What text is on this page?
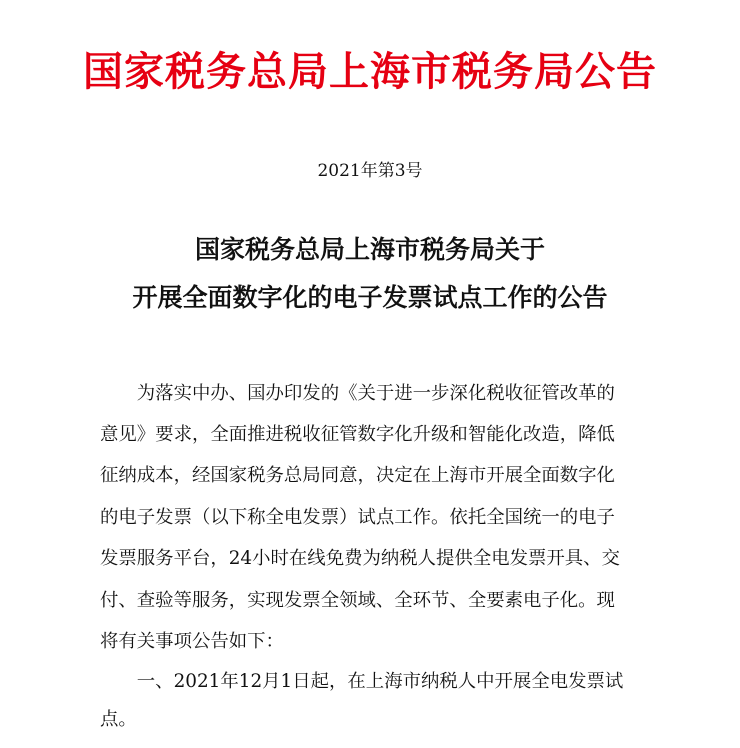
国家税务总局上海市税务局公告
2021年第3号
国家税务总局上海市税务局关于
开展全面数字化的电子发票试点工作的公告
　　为落实中办、国办印发的《关于进一步深化税收征管改革的
意见》要求，全面推进税收征管数字化升级和智能化改造，降低
征纳成本，经国家税务总局同意，决定在上海市开展全面数字化
的电子发票（以下称全电发票）试点工作。依托全国统一的电子
发票服务平台，24小时在线免费为纳税人提供全电发票开具、交
付、查验等服务，实现发票全领域、全环节、全要素电子化。现
将有关事项公告如下：
　　一、2021年12月1日起，在上海市纳税人中开展全电发票试
点。
